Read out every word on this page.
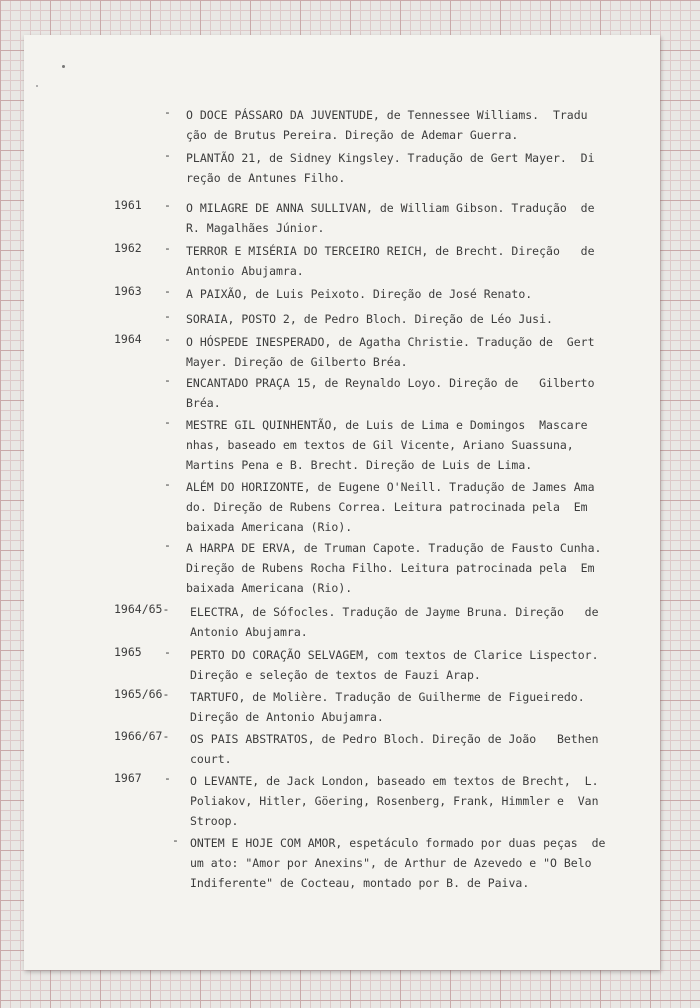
- O DOCE PÁSSARO DA JUVENTUDE, de Tennessee Williams.  Tradu
ção de Brutus Pereira. Direção de Ademar Guerra.

- PLANTÃO 21, de Sidney Kingsley. Tradução de Gert Mayer.  Di
reção de Antunes Filho.

1961	- O MILAGRE DE ANNA SULLIVAN, de William Gibson. Tradução  de
R. Magalhães Júnior.

1962	- TERROR E MISÉRIA DO TERCEIRO REICH, de Brecht. Direção   de
Antonio Abujamra.

1963	- A PAIXÃO, de Luis Peixoto. Direção de José Renato.

- SORAIA, POSTO 2, de Pedro Bloch. Direção de Léo Jusi.

1964	- O HÓSPEDE INESPERADO, de Agatha Christie. Tradução de  Gert
Mayer. Direção de Gilberto Bréa.

- ENCANTADO PRAÇA 15, de Reynaldo Loyo. Direção de   Gilberto
Bréa.

- MESTRE GIL QUINHENTÃO, de Luis de Lima e Domingos  Mascare
nhas, baseado em textos de Gil Vicente, Ariano Suassuna,
Martins Pena e B. Brecht. Direção de Luis de Lima.

- ALÉM DO HORIZONTE, de Eugene O'Neill. Tradução de James Ama
do. Direção de Rubens Correa. Leitura patrocinada pela  Em
baixada Americana (Rio).

- A HARPA DE ERVA, de Truman Capote. Tradução de Fausto Cunha.
Direção de Rubens Rocha Filho. Leitura patrocinada pela  Em
baixada Americana (Rio).

1964/65-	ELECTRA, de Sófocles. Tradução de Jayme Bruna. Direção   de
Antonio Abujamra.

1965	- PERTO DO CORAÇÃO SELVAGEM, com textos de Clarice Lispector.
Direção e seleção de textos de Fauzi Arap.

1965/66-	TARTUFO, de Molière. Tradução de Guilherme de Figueiredo.
Direção de Antonio Abujamra.

1966/67-	OS PAIS ABSTRATOS, de Pedro Bloch. Direção de João   Bethen
court.

1967	- O LEVANTE, de Jack London, baseado em textos de Brecht,  L.
Poliakov, Hitler, Göering, Rosenberg, Frank, Himmler e  Van
Stroop.

- ONTEM E HOJE COM AMOR, espetáculo formado por duas peças  de
um ato: "Amor por Anexins", de Arthur de Azevedo e "O Belo
Indiferente" de Cocteau, montado por B. de Paiva.
